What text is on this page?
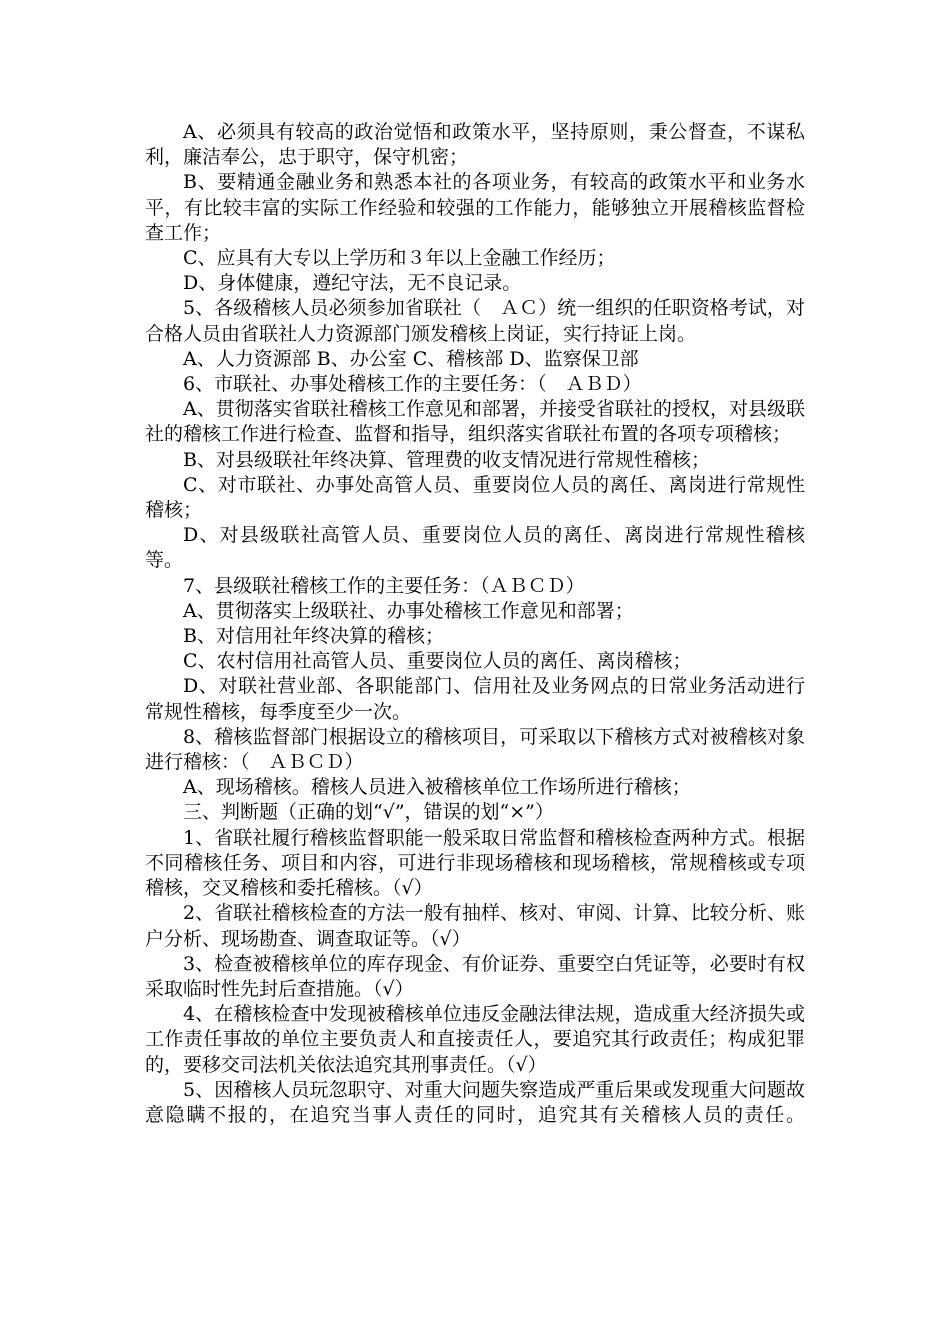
A、必须具有较高的政治觉悟和政策水平，坚持原则，秉公督查，不谋私利，廉洁奉公，忠于职守，保守机密；

B、要精通金融业务和熟悉本社的各项业务，有较高的政策水平和业务水平，有比较丰富的实际工作经验和较强的工作能力，能够独立开展稽核监督检查工作；

C、应具有大专以上学历和３年以上金融工作经历；

D、身体健康，遵纪守法，无不良记录。

5、各级稽核人员必须参加省联社（　ＡＣ）统一组织的任职资格考试，对合格人员由省联社人力资源部门颁发稽核上岗证，实行持证上岗。

A、人力资源部 B、办公室 C、稽核部 D、监察保卫部

6、市联社、办事处稽核工作的主要任务：（　ＡＢＤ）

A、贯彻落实省联社稽核工作意见和部署，并接受省联社的授权，对县级联社的稽核工作进行检查、监督和指导，组织落实省联社布置的各项专项稽核；

B、对县级联社年终决算、管理费的收支情况进行常规性稽核；

C、对市联社、办事处高管人员、重要岗位人员的离任、离岗进行常规性稽核；

D、对县级联社高管人员、重要岗位人员的离任、离岗进行常规性稽核等。

7、县级联社稽核工作的主要任务：（ＡＢＣＤ）

A、贯彻落实上级联社、办事处稽核工作意见和部署；

B、对信用社年终决算的稽核；

C、农村信用社高管人员、重要岗位人员的离任、离岗稽核；

D、对联社营业部、各职能部门、信用社及业务网点的日常业务活动进行常规性稽核，每季度至少一次。

8、稽核监督部门根据设立的稽核项目，可采取以下稽核方式对被稽核对象进行稽核：（　ＡＢＣＤ）

A、现场稽核。稽核人员进入被稽核单位工作场所进行稽核；

三、判断题（正确的划“√”，错误的划“×”）

1、省联社履行稽核监督职能一般采取日常监督和稽核检查两种方式。根据不同稽核任务、项目和内容，可进行非现场稽核和现场稽核，常规稽核或专项稽核，交叉稽核和委托稽核。（√）

2、省联社稽核检查的方法一般有抽样、核对、审阅、计算、比较分析、账户分析、现场勘查、调查取证等。（√）

3、检查被稽核单位的库存现金、有价证券、重要空白凭证等，必要时有权采取临时性先封后查措施。（√）

4、在稽核检查中发现被稽核单位违反金融法律法规，造成重大经济损失或工作责任事故的单位主要负责人和直接责任人，要追究其行政责任；构成犯罪的，要移交司法机关依法追究其刑事责任。（√）

5、因稽核人员玩忽职守、对重大问题失察造成严重后果或发现重大问题故意隐瞒不报的，在追究当事人责任的同时，追究其有关稽核人员的责任。
